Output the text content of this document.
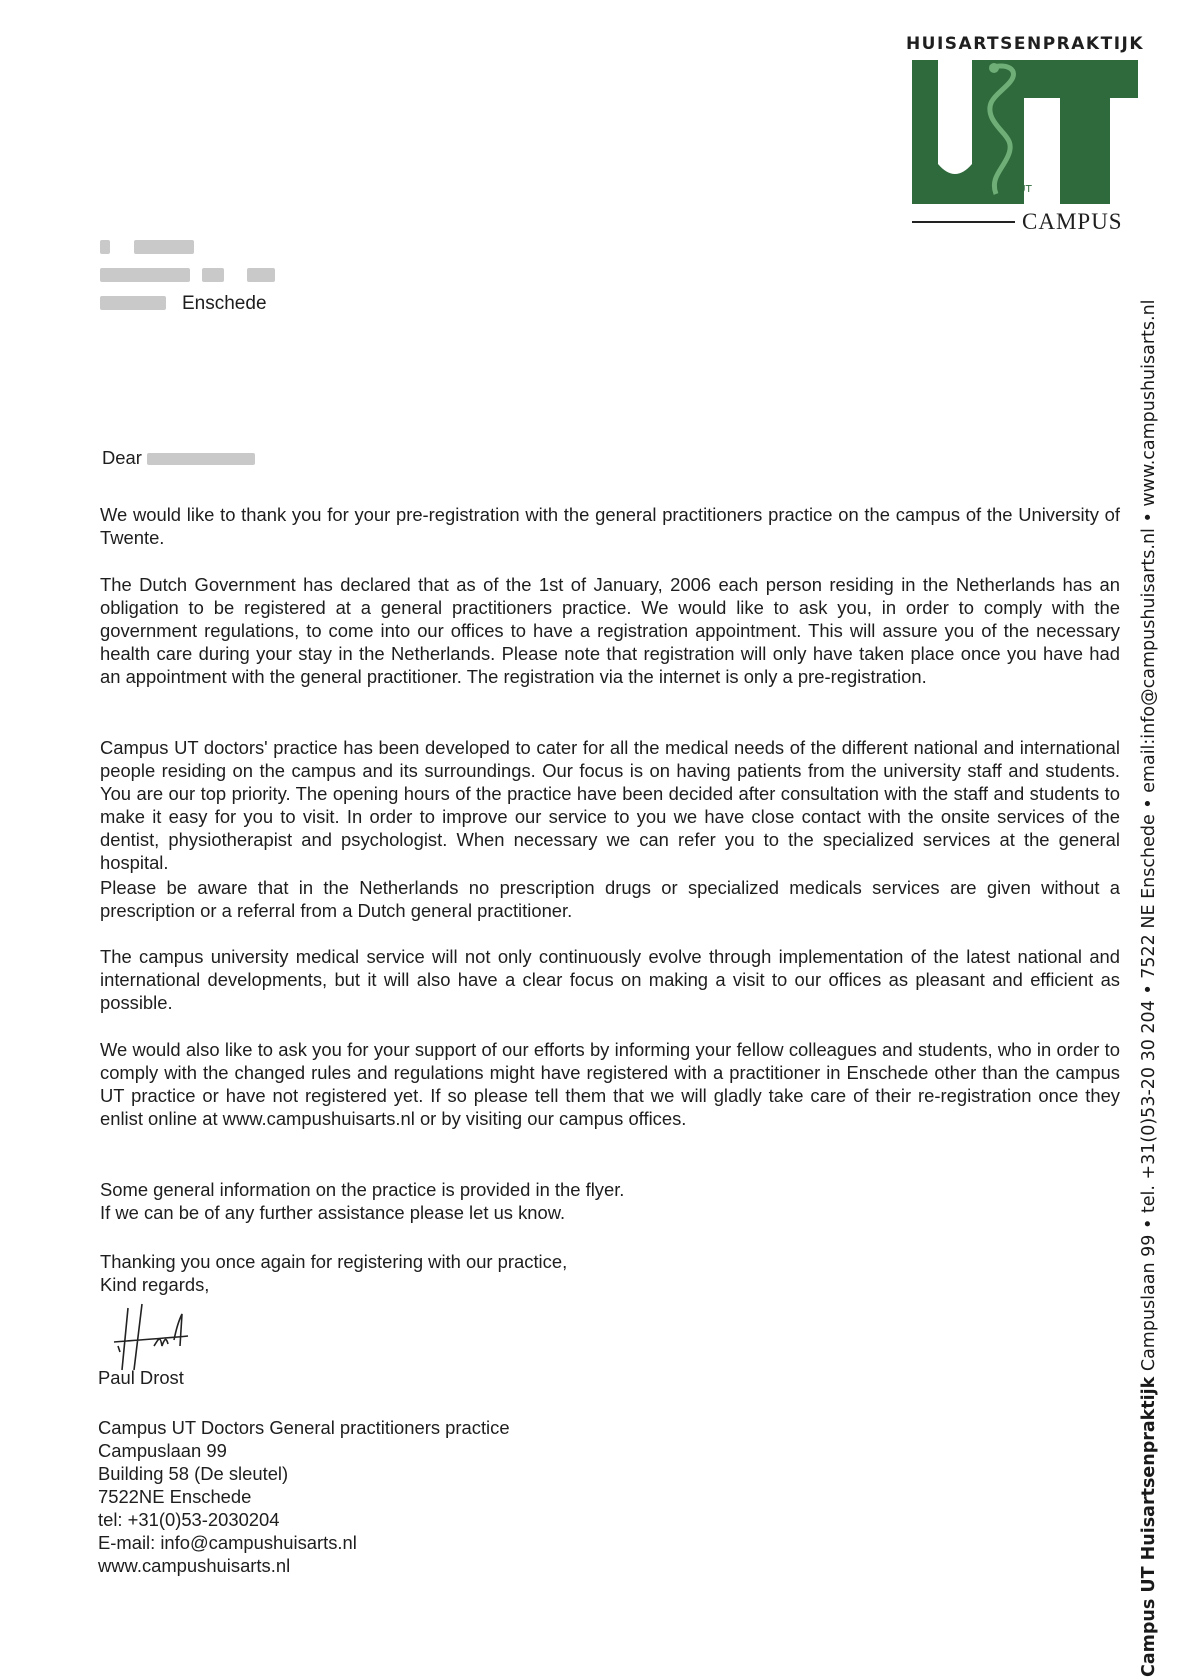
HUISARTSENPRAKTIJK
UT
CAMPUS
Campus UT Huisartsenpraktijk Campuslaan 99 • tel. +31(0)53-20 30 204 • 7522 NE Enschede • email:info@campushuisarts.nl • www.campushuisarts.nl

Enschede
Dear

We would like to thank you for your pre-registration with the general practitioners practice on the campus of the University of Twente.

The Dutch Government has declared that as of the 1st of January, 2006 each person residing in the Netherlands has an obligation to be registered at a general practitioners practice. We would like to ask you, in order to comply with the government regulations, to come into our offices to have a registration appointment. This will assure you of the necessary health care during your stay in the Netherlands. Please note that registration will only have taken place once you have had an appointment with the general practitioner. The registration via the internet is only a pre-registration.

Campus UT doctors' practice has been developed to cater for all the medical needs of the different national and international people residing on the campus and its surroundings. Our focus is on having patients from the university staff and students. You are our top priority. The opening hours of the practice have been decided after consultation with the staff and students to make it easy for you to visit. In order to improve our service to you we have close contact with the onsite services of the dentist, physiotherapist and psychologist. When necessary we can refer you to the specialized services at the general hospital.

Please be aware that in the Netherlands no prescription drugs or specialized medicals services are given without a prescription or a referral from a Dutch general practitioner.

The campus university medical service will not only continuously evolve through implementation of the latest national and international developments, but it will also have a clear focus on making a visit to our offices as pleasant and efficient as possible.

We would also like to ask you for your support of our efforts by informing your fellow colleagues and students, who in order to comply with the changed rules and regulations might have registered with a practitioner in Enschede other than the campus UT practice or have not registered yet. If so please tell them that we will gladly take care of their re-registration once they enlist online at www.campushuisarts.nl or by visiting our campus offices.

Some general information on the practice is provided in the flyer.

If we can be of any further assistance please let us know.

Thanking you once again for registering with our practice,

Kind regards,

Paul Drost
Campus UT Doctors General practitioners practice
Campuslaan 99
Building 58 (De sleutel)
7522NE Enschede
tel: +31(0)53-2030204
E-mail: info@campushuisarts.nl
www.campushuisarts.nl
